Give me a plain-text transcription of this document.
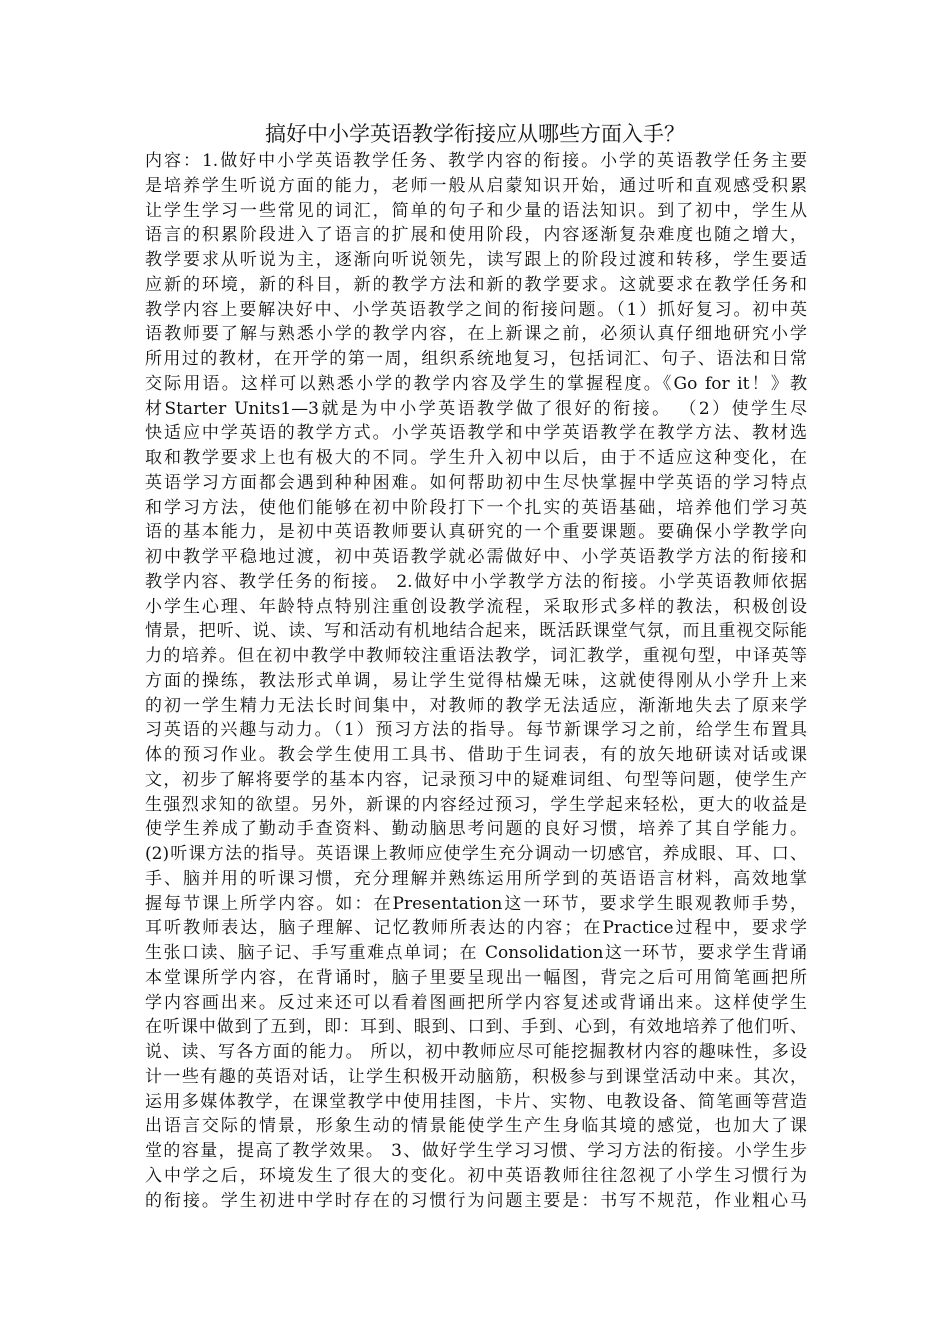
搞好中小学英语教学衔接应从哪些方面入手？
内容：1.做好中小学英语教学任务、教学内容的衔接。小学的英语教学任务主要
是培养学生听说方面的能力，老师一般从启蒙知识开始，通过听和直观感受积累
让学生学习一些常见的词汇，简单的句子和少量的语法知识。到了初中，学生从
语言的积累阶段进入了语言的扩展和使用阶段，内容逐渐复杂难度也随之增大，
教学要求从听说为主，逐渐向听说领先，读写跟上的阶段过渡和转移，学生要适
应新的环境，新的科目，新的教学方法和新的教学要求。这就要求在教学任务和
教学内容上要解决好中、小学英语教学之间的衔接问题。（1）抓好复习。初中英
语教师要了解与熟悉小学的教学内容，在上新课之前，必须认真仔细地研究小学
所用过的教材，在开学的第一周，组织系统地复习，包括词汇、句子、语法和日常
交际用语。这样可以熟悉小学的教学内容及学生的掌握程度。《Go for it！》教
材Starter Units1—3就是为中小学英语教学做了很好的衔接。 （2）使学生尽
快适应中学英语的教学方式。小学英语教学和中学英语教学在教学方法、教材选
取和教学要求上也有极大的不同。学生升入初中以后，由于不适应这种变化，在
英语学习方面都会遇到种种困难。如何帮助初中生尽快掌握中学英语的学习特点
和学习方法，使他们能够在初中阶段打下一个扎实的英语基础，培养他们学习英
语的基本能力，是初中英语教师要认真研究的一个重要课题。要确保小学教学向
初中教学平稳地过渡，初中英语教学就必需做好中、小学英语教学方法的衔接和
教学内容、教学任务的衔接。 2.做好中小学教学方法的衔接。小学英语教师依据
小学生心理、年龄特点特别注重创设教学流程，采取形式多样的教法，积极创设
情景，把听、说、读、写和活动有机地结合起来，既活跃课堂气氛，而且重视交际能
力的培养。但在初中教学中教师较注重语法教学，词汇教学，重视句型，中译英等
方面的操练，教法形式单调，易让学生觉得枯燥无味，这就使得刚从小学升上来
的初一学生精力无法长时间集中，对教师的教学无法适应，渐渐地失去了原来学
习英语的兴趣与动力。（1）预习方法的指导。每节新课学习之前，给学生布置具
体的预习作业。教会学生使用工具书、借助于生词表，有的放矢地研读对话或课
文，初步了解将要学的基本内容，记录预习中的疑难词组、句型等问题，使学生产
生强烈求知的欲望。另外，新课的内容经过预习，学生学起来轻松，更大的收益是
使学生养成了勤动手查资料、勤动脑思考问题的良好习惯，培养了其自学能力。
(2)听课方法的指导。英语课上教师应使学生充分调动一切感官，养成眼、耳、口、
手、脑并用的听课习惯，充分理解并熟练运用所学到的英语语言材料，高效地掌
握每节课上所学内容。如：在Presentation这一环节，要求学生眼观教师手势，
耳听教师表达，脑子理解、记忆教师所表达的内容；在Practice过程中，要求学
生张口读、脑子记、手写重难点单词；在 Consolidation这一环节，要求学生背诵
本堂课所学内容，在背诵时，脑子里要呈现出一幅图，背完之后可用简笔画把所
学内容画出来。反过来还可以看着图画把所学内容复述或背诵出来。这样使学生
在听课中做到了五到，即：耳到、眼到、口到、手到、心到，有效地培养了他们听、
说、读、写各方面的能力。 所以，初中教师应尽可能挖掘教材内容的趣味性，多设
计一些有趣的英语对话，让学生积极开动脑筋，积极参与到课堂活动中来。其次，
运用多媒体教学，在课堂教学中使用挂图，卡片、实物、电教设备、简笔画等营造
出语言交际的情景，形象生动的情景能使学生产生身临其境的感觉，也加大了课
堂的容量，提高了教学效果。 3、做好学生学习习惯、学习方法的衔接。小学生步
入中学之后，环境发生了很大的变化。初中英语教师往往忽视了小学生习惯行为
的衔接。学生初进中学时存在的习惯行为问题主要是：书写不规范，作业粗心马
